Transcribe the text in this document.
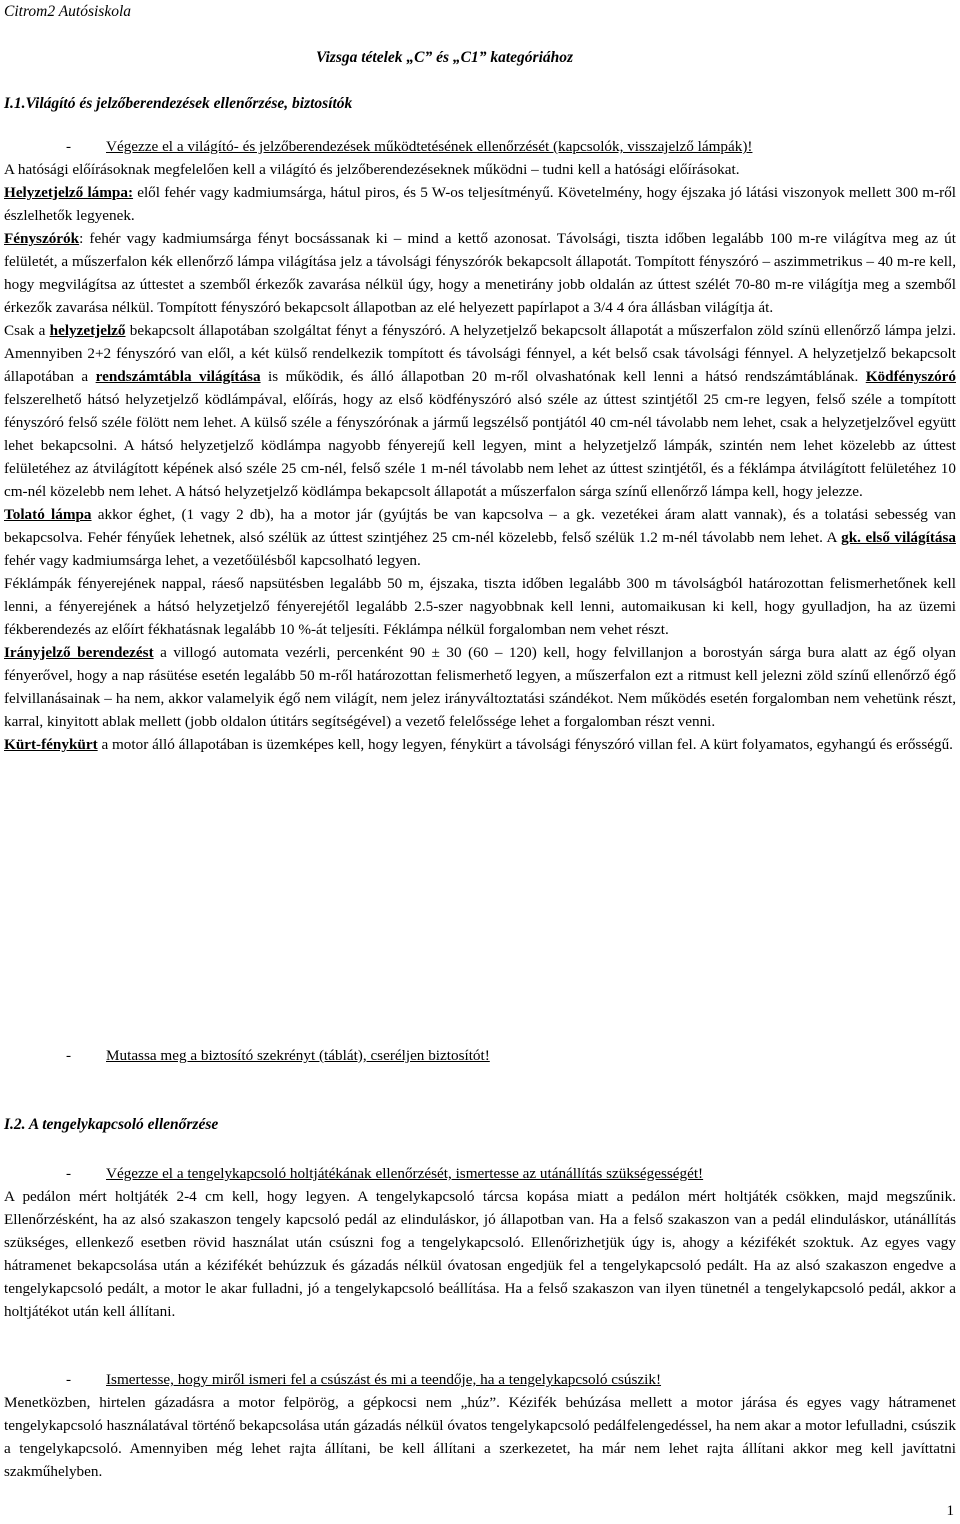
Citrom2 Autósiskola
Vizsga tételek „C” és „C1” kategóriához
I.1.Világító és jelzőberendezések ellenőrzése, biztosítók
- Végezze el a világító- és jelzőberendezések működtetésének ellenőrzését (kapcsolók, visszajelző lámpák)!

A hatósági előírásoknak megfelelően kell a világító és jelzőberendezéseknek működni – tudni kell a hatósági előírásokat.

Helyzetjelző lámpa: elől fehér vagy kadmiumsárga, hátul piros, és 5 W-os teljesítményű. Követelmény, hogy éjszaka jó látási viszonyok mellett 300 m-ről észlelhetők legyenek.

Fényszórók: fehér vagy kadmiumsárga fényt bocsássanak ki – mind a kettő azonosat. Távolsági, tiszta időben legalább 100 m-re világítva meg az út felületét, a műszerfalon kék ellenőrző lámpa világítása jelz a távolsági fényszórók bekapcsolt állapotát. Tompított fényszóró – aszimmetrikus – 40 m-re kell, hogy megvilágítsa az úttestet a szemből érkezők zavarása nélkül úgy, hogy a menetirány jobb oldalán az úttest szélét 70-80 m-re világítja meg a szemből érkezők zavarása nélkül. Tompított fényszóró bekapcsolt állapotban az elé helyezett papírlapot a 3/4 4 óra állásban világítja át.

Csak a helyzetjelző bekapcsolt állapotában szolgáltat fényt a fényszóró. A helyzetjelző bekapcsolt állapotát a műszerfalon zöld színü ellenőrző lámpa jelzi. Amennyiben 2+2 fényszóró van elől, a két külső rendelkezik tompított és távolsági fénnyel, a két belső csak távolsági fénnyel. A helyzetjelző bekapcsolt állapotában a rendszámtábla világítása is működik, és álló állapotban 20 m-ről olvashatónak kell lenni a hátsó rendszámtáblának. Ködfényszóró felszerelhető hátsó helyzetjelző ködlámpával, előírás, hogy az első ködfényszóró alsó széle az úttest szintjétől 25 cm-re legyen, felső széle a tompított fényszóró felső széle fölött nem lehet. A külső széle a fényszórónak a jármű legszélső pontjától 40 cm-nél távolabb nem lehet, csak a helyzetjelzővel együtt lehet bekapcsolni. A hátsó helyzetjelző ködlámpa nagyobb fényerejű kell legyen, mint a helyzetjelző lámpák, szintén nem lehet közelebb az úttest felületéhez az átvilágított képének alsó széle 25 cm-nél, felső széle 1 m-nél távolabb nem lehet az úttest szintjétől, és a féklámpa átvilágított felületéhez 10 cm-nél közelebb nem lehet. A hátsó helyzetjelző ködlámpa bekapcsolt állapotát a műszerfalon sárga színű ellenőrző lámpa kell, hogy jelezze.

Tolató lámpa akkor éghet, (1 vagy 2 db), ha a motor jár (gyújtás be van kapcsolva – a gk. vezetékei áram alatt vannak), és a tolatási sebesség van bekapcsolva. Fehér fényűek lehetnek, alsó szélük az úttest szintjéhez 25 cm-nél közelebb, felső szélük 1.2 m-nél távolabb nem lehet. A gk. első világítása fehér vagy kadmiumsárga lehet, a vezetőülésből kapcsolható legyen.

Féklámpák fényerejének nappal, ráeső napsütésben legalább 50 m, éjszaka, tiszta időben legalább 300 m távolságból határozottan felismerhetőnek kell lenni, a fényerejének a hátsó helyzetjelző fényerejétől legalább 2.5-szer nagyobbnak kell lenni, automaikusan ki kell, hogy gyulladjon, ha az üzemi fékberendezés az előírt fékhatásnak legalább 10 %-át teljesíti. Féklámpa nélkül forgalomban nem vehet részt.

Irányjelző berendezést a villogó automata vezérli, percenként 90 ± 30 (60 – 120) kell, hogy felvillanjon a borostyán sárga bura alatt az égő olyan fényerővel, hogy a nap rásütése esetén legalább 50 m-ről határozottan felismerhető legyen, a műszerfalon ezt a ritmust kell jelezni zöld színű ellenőrző égő felvillanásainak – ha nem, akkor valamelyik égő nem világít, nem jelez irányváltoztatási szándékot. Nem működés esetén forgalomban nem vehetünk részt, karral, kinyitott ablak mellett (jobb oldalon útitárs segítségével) a vezető felelőssége lehet a forgalomban részt venni.

Kürt-fénykürt a motor álló állapotában is üzemképes kell, hogy legyen, fénykürt a távolsági fényszóró villan fel. A kürt folyamatos, egyhangú és erősségű.

- Mutassa meg a biztosító szekrényt (táblát), cseréljen biztosítót!
I.2. A tengelykapcsoló ellenőrzése
- Végezze el a tengelykapcsoló holtjátékának ellenőrzését, ismertesse az utánállítás szükségességét!

A pedálon mért holtjáték 2-4 cm kell, hogy legyen. A tengelykapcsoló tárcsa kopása miatt a pedálon mért holtjáték csökken, majd megszűnik. Ellenőrzésként, ha az alsó szakaszon tengely kapcsoló pedál az elinduláskor, jó állapotban van. Ha a felső szakaszon van a pedál elinduláskor, utánállítás szükséges, ellenkező esetben rövid használat után csúszni fog a tengelykapcsoló. Ellenőrizhetjük úgy is, ahogy a kézifékét szoktuk. Az egyes vagy hátramenet bekapcsolása után a kézifékét behúzzuk és gázadás nélkül óvatosan engedjük fel a tengelykapcsoló pedált. Ha az alsó szakaszon engedve a tengelykapcsoló pedált, a motor le akar fulladni, jó a tengelykapcsoló beállítása. Ha a felső szakaszon van ilyen tünetnél a tengelykapcsoló pedál, akkor a holtjátékot után kell állítani.

- Ismertesse, hogy miről ismeri fel a csúszást és mi a teendője, ha a tengelykapcsoló csúszik!

Menetközben, hirtelen gázadásra a motor felpörög, a gépkocsi nem „húz”. Kézifék behúzása mellett a motor járása és egyes vagy hátramenet tengelykapcsoló használatával történő bekapcsolása után gázadás nélkül óvatos tengelykapcsoló pedálfelengedéssel, ha nem akar a motor lefulladni, csúszik a tengelykapcsoló. Amennyiben még lehet rajta állítani, be kell állítani a szerkezetet, ha már nem lehet rajta állítani akkor meg kell javíttatni szakműhelyben.

1
